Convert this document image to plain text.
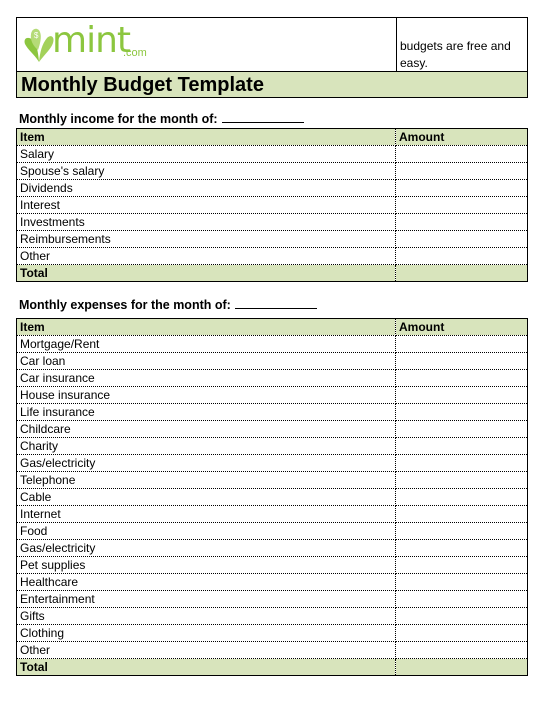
$ mint
.com	budgets are free and easy.
Monthly Budget Template
Monthly income for the month of:
Item	Amount
Salary	
Spouse's salary	
Dividends	
Interest	
Investments	
Reimbursements	
Other	
Total	
Monthly expenses for the month of:
Item	Amount
Mortgage/Rent	
Car loan	
Car insurance	
House insurance	
Life insurance	
Childcare	
Charity	
Gas/electricity	
Telephone	
Cable	
Internet	
Food	
Gas/electricity	
Pet supplies	
Healthcare	
Entertainment	
Gifts	
Clothing	
Other	
Total	
